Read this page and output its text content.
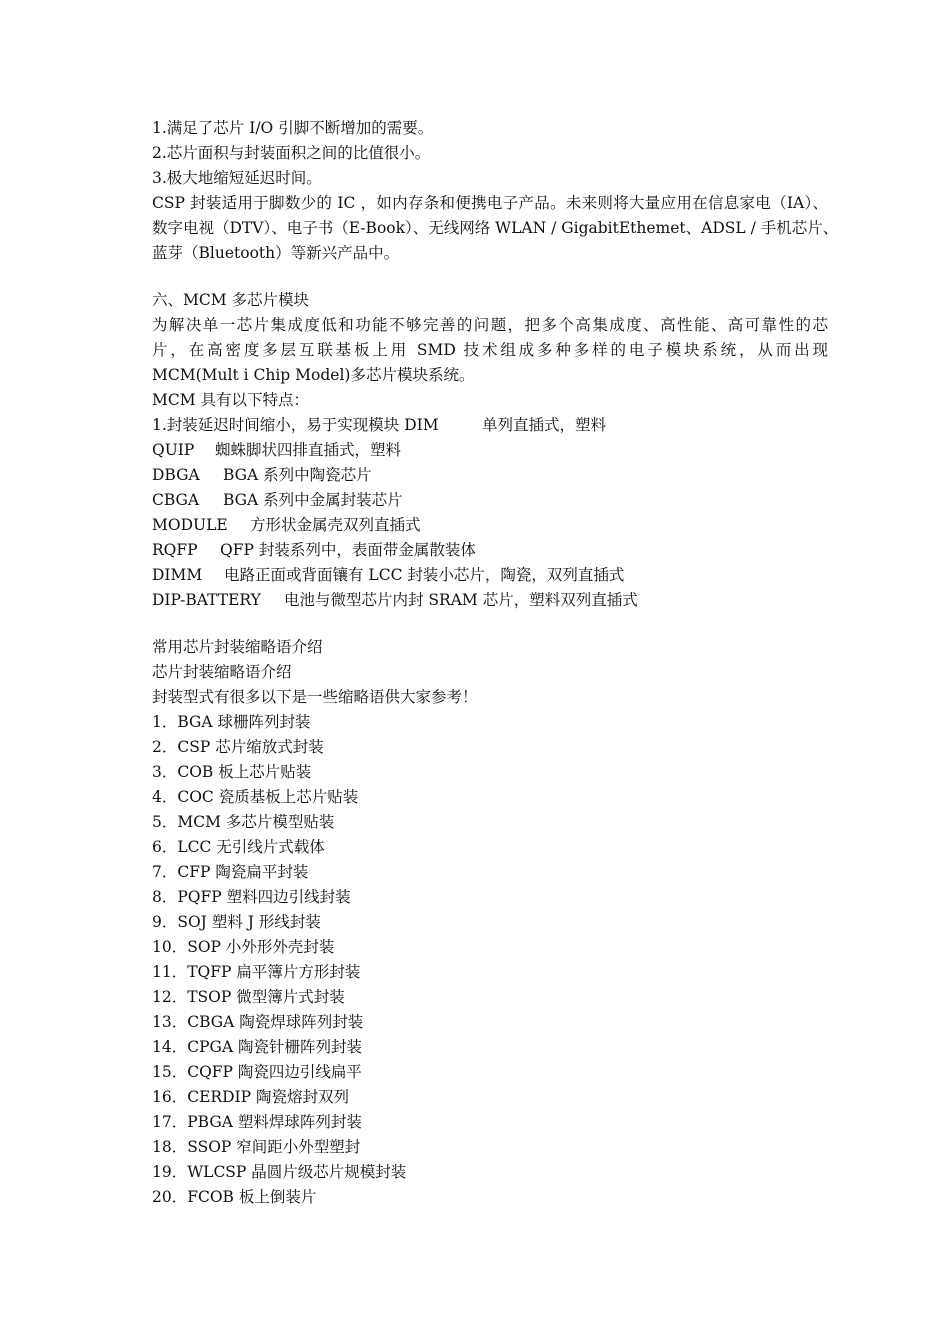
1.满足了芯片 I/O 引脚不断增加的需要。
2.芯片面积与封装面积之间的比值很小。
3.极大地缩短延迟时间。
CSP 封装适用于脚数少的 IC ，如内存条和便携电子产品。未来则将大量应用在信息家电（IA）、
数字电视（DTV）、电子书（E-Book）、无线网络 WLAN / GigabitEthemet、ADSL / 手机芯片、
蓝芽（Bluetooth）等新兴产品中。
六、MCM 多芯片模块
为解决单一芯片集成度低和功能不够完善的问题，把多个高集成度、高性能、高可靠性的芯
片，在高密度多层互联基板上用 SMD 技术组成多种多样的电子模块系统，从而出现
MCM(Mult i Chip Model)多芯片模块系统。
MCM 具有以下特点：
1.封装延迟时间缩小，易于实现模块 DIM	单列直插式，塑料
QUIP 蜘蛛脚状四排直插式，塑料
DBGA BGA 系列中陶瓷芯片
CBGA BGA 系列中金属封装芯片
MODULE 方形状金属壳双列直插式
RQFP QFP 封装系列中，表面带金属散装体
DIMM 电路正面或背面镶有 LCC 封装小芯片，陶瓷，双列直插式
DIP-BATTERY 电池与微型芯片内封 SRAM 芯片，塑料双列直插式
常用芯片封装缩略语介绍
芯片封装缩略语介绍
封装型式有很多以下是一些缩略语供大家参考！
1．BGA 球栅阵列封装
2．CSP 芯片缩放式封装
3．COB 板上芯片贴装
4．COC 瓷质基板上芯片贴装
5．MCM 多芯片模型贴装
6．LCC 无引线片式载体
7．CFP 陶瓷扁平封装
8．PQFP 塑料四边引线封装
9．SOJ 塑料 J 形线封装
10．SOP 小外形外壳封装
11．TQFP 扁平簿片方形封装
12．TSOP 微型簿片式封装
13．CBGA 陶瓷焊球阵列封装
14．CPGA 陶瓷针栅阵列封装
15．CQFP 陶瓷四边引线扁平
16．CERDIP 陶瓷熔封双列
17．PBGA 塑料焊球阵列封装
18．SSOP 窄间距小外型塑封
19．WLCSP 晶圆片级芯片规模封装
20．FCOB 板上倒装片
